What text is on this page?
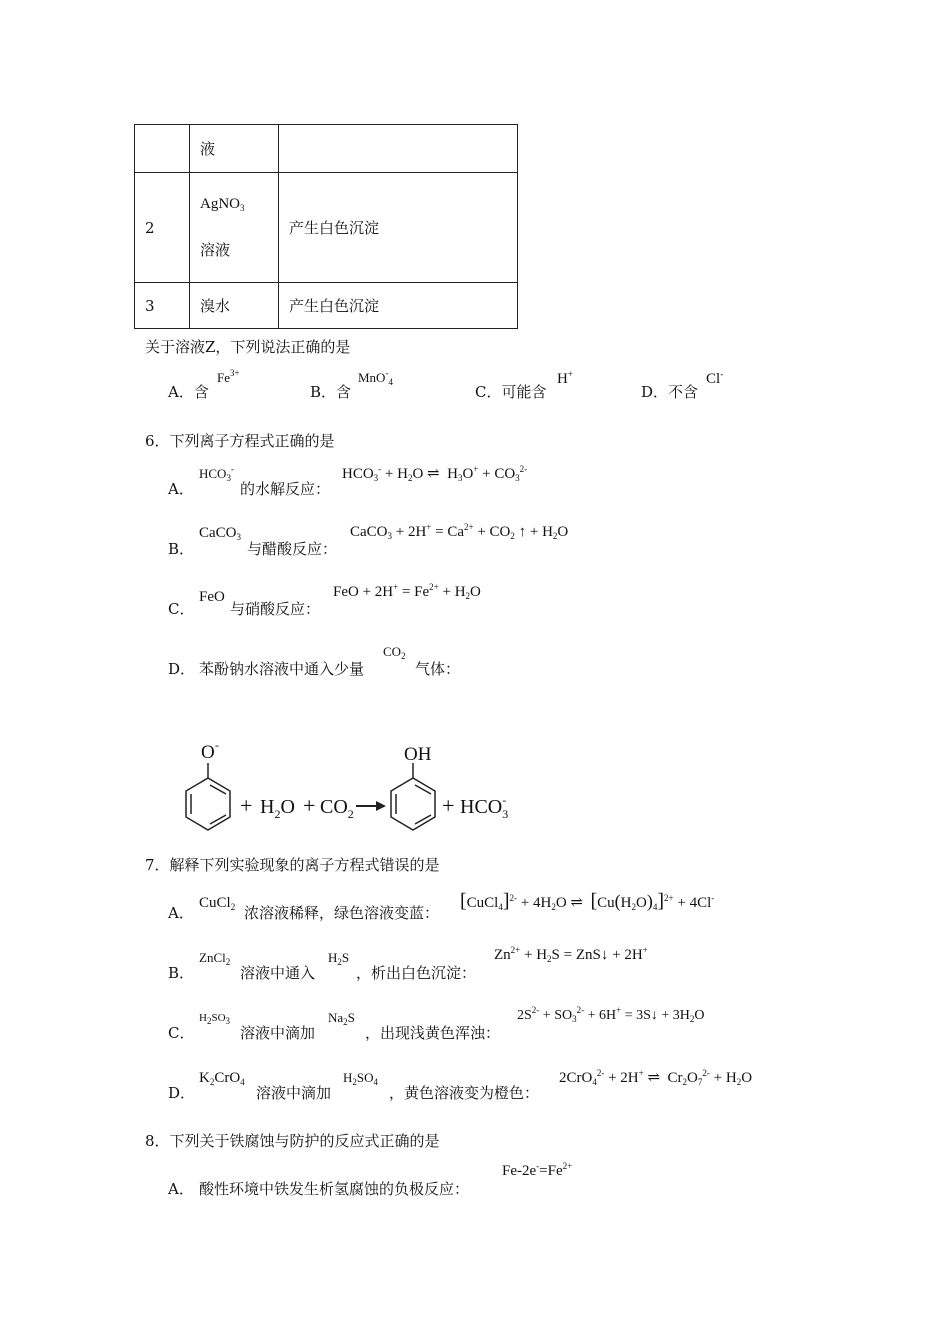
	液	
2	AgNO$_3$
溶液	产生白色沉淀
3	溴水	产生白色沉淀
关于溶液Z，下列说法正确的是
A．含
$Fe^{3+}$
B．含
MnO-$_4$
C．可能含
H+
D．不含
Cl-
6．下列离子方程式正确的是
A．
$HCO_3^-$
的水解反应：
$HCO_3^- + H_2O$ ⇌  $H_3O^+ + CO_3^{2-}$
B．
CaCO$_3$
与醋酸反应：
CaCO$_3$ + $2H^+ = Ca^{2+} + CO_2$ ↑ + $H_2O$
C．
FeO
与硝酸反应：
FeO + $2H^+ = Fe^{2+} + H_2O$
D． 苯酚钠水溶液中通入少量
$CO_2$
气体：
O -
+ $H_2O + CO_2$
OH
+ $HCO_3-$
7．解释下列实验现象的离子方程式错误的是
A．
CuCl$_2$ 浓溶液稀释，绿色溶液变蓝：
[CuCl$_4$]$^{2-}$ + $4H_2O$ ⇌  $[Cu(H_2O)_4]^{2+} + 4Cl^-$
B．
ZnCl$_2$
溶液中通入
$H_2S$
，析出白色沉淀：
$Zn^{2+} + H_2S$ = ZnS↓ + 2H+
C．
$H_2SO_3$
溶液中滴加
$Na_2S$
，出现浅黄色浑浊：
$2S^{2-} + SO_3^{2-} + 6H^+$ = 3S↓ + $3H_2O$
D．
$K_2CrO_4$
溶液中滴加
$H_2SO_4$
，黄色溶液变为橙色：
2CrO$_4^{2-}$ + 2H+ ⇌  $Cr_2O_7^{2-} + H_2O$
8．下列关于铁腐蚀与防护的反应式正确的是
A． 酸性环境中铁发生析氢腐蚀的负极反应：
$Fe-2e^-=Fe^{2+}$
